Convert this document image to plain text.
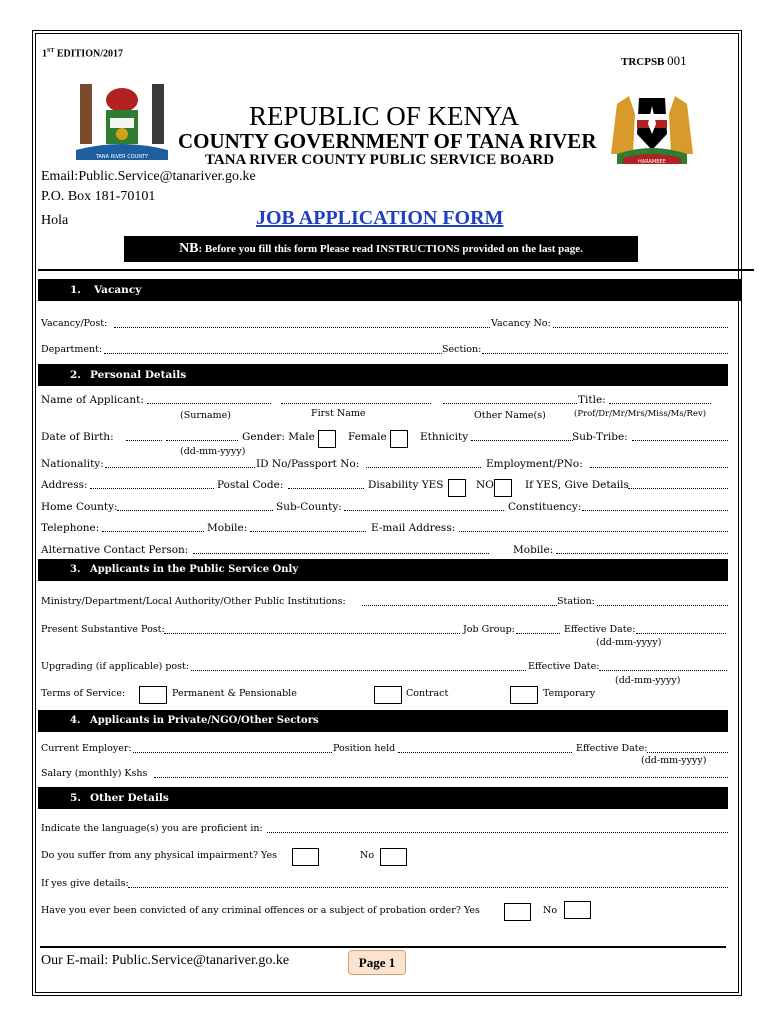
1ST EDITION/2017
TRCPSB 001
TANA RIVER COUNTY
HARAMBEE
REPUBLIC OF KENYA
COUNTY GOVERNMENT OF TANA RIVER
TANA RIVER COUNTY PUBLIC SERVICE BOARD
Email:Public.Service@tanariver.go.ke
P.O. Box 181-70101
Hola	JOB APPLICATION FORM
NB: Before you fill this form Please read INSTRUCTIONS provided on the last page.
1. Vacancy
Vacancy/Post:	Vacancy No:
Department:	Section:
2. Personal Details
Name of Applicant:	Title:
(Surname)	First Name	Other Name(s)	(Prof/Dr/Mr/Mrs/Miss/Ms/Rev)
Date of Birth:	Gender: Male	Female	Ethnicity	Sub-Tribe:
(dd-mm-yyyy)
Nationality:	ID No/Passport No:	Employment/PNo:
Address:	Postal Code:	Disability YES	NO	If YES, Give Details
Home County:	Sub-County:	Constituency:
Telephone:	Mobile:	E-mail Address:
Alternative Contact Person:	Mobile:
3. Applicants in the Public Service Only
Ministry/Department/Local Authority/Other Public Institutions:	Station:
Present Substantive Post:	Job Group:	Effective Date:
(dd-mm-yyyy)
Upgrading (if applicable) post:	Effective Date:
(dd-mm-yyyy)
Terms of Service:	Permanent & Pensionable	Contract	Temporary
4. Applicants in Private/NGO/Other Sectors
Current Employer:	Position held	Effective Date:
(dd-mm-yyyy)
Salary (monthly) Kshs
5. Other Details
Indicate the language(s) you are proficient in:
Do you suffer from any physical impairment? Yes	No
If yes give details:
Have you ever been convicted of any criminal offences or a subject of probation order? Yes	No
Our E-mail: Public.Service@tanariver.go.ke	Page 1
